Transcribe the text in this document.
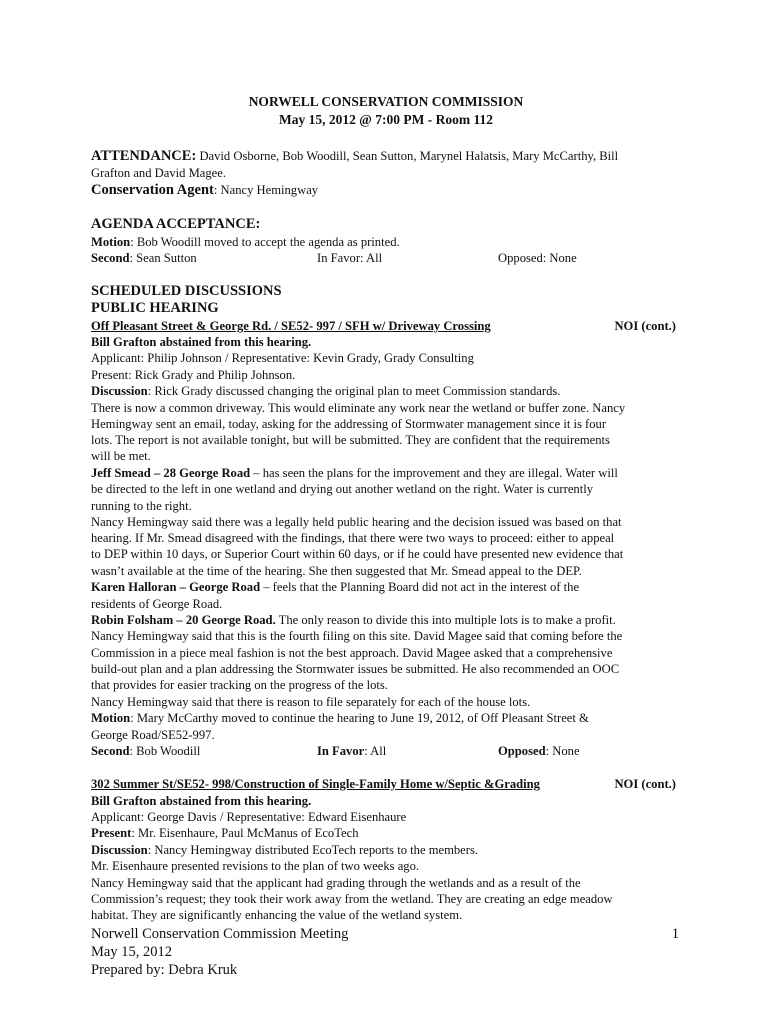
NORWELL CONSERVATION COMMISSION
May 15, 2012 @ 7:00 PM - Room 112
ATTENDANCE: David Osborne, Bob Woodill, Sean Sutton, Marynel Halatsis, Mary McCarthy, Bill
Grafton and David Magee.
Conservation Agent: Nancy Hemingway
AGENDA ACCEPTANCE:
Motion: Bob Woodill moved to accept the agenda as printed.
Second: Sean Sutton	In Favor: All	Opposed: None
SCHEDULED DISCUSSIONS
PUBLIC HEARING
Off Pleasant Street & George Rd. / SE52- 997 / SFH w/ Driveway Crossing	NOI (cont.)
Bill Grafton abstained from this hearing.
Applicant: Philip Johnson / Representative: Kevin Grady, Grady Consulting
Present: Rick Grady and Philip Johnson.
Discussion: Rick Grady discussed changing the original plan to meet Commission standards.
There is now a common driveway. This would eliminate any work near the wetland or buffer zone. Nancy
Hemingway sent an email, today, asking for the addressing of Stormwater management since it is four
lots. The report is not available tonight, but will be submitted. They are confident that the requirements
will be met.
Jeff Smead – 28 George Road – has seen the plans for the improvement and they are illegal. Water will
be directed to the left in one wetland and drying out another wetland on the right. Water is currently
running to the right.
Nancy Hemingway said there was a legally held public hearing and the decision issued was based on that
hearing. If Mr. Smead disagreed with the findings, that there were two ways to proceed: either to appeal
to DEP within 10 days, or Superior Court within 60 days, or if he could have presented new evidence that
wasn’t available at the time of the hearing. She then suggested that Mr. Smead appeal to the DEP.
Karen Halloran – George Road – feels that the Planning Board did not act in the interest of the
residents of George Road.
Robin Folsham – 20 George Road. The only reason to divide this into multiple lots is to make a profit.
Nancy Hemingway said that this is the fourth filing on this site. David Magee said that coming before the
Commission in a piece meal fashion is not the best approach. David Magee asked that a comprehensive
build-out plan and a plan addressing the Stormwater issues be submitted. He also recommended an OOC
that provides for easier tracking on the progress of the lots.
Nancy Hemingway said that there is reason to file separately for each of the house lots.
Motion: Mary McCarthy moved to continue the hearing to June 19, 2012, of Off Pleasant Street &
George Road/SE52-997.
Second: Bob Woodill	In Favor: All	Opposed: None
302 Summer St/SE52- 998/Construction of Single-Family Home w/Septic &Grading	NOI (cont.)
Bill Grafton abstained from this hearing.
Applicant: George Davis / Representative: Edward Eisenhaure
Present: Mr. Eisenhaure, Paul McManus of EcoTech
Discussion: Nancy Hemingway distributed EcoTech reports to the members.
Mr. Eisenhaure presented revisions to the plan of two weeks ago.
Nancy Hemingway said that the applicant had grading through the wetlands and as a result of the
Commission’s request; they took their work away from the wetland. They are creating an edge meadow
habitat. They are significantly enhancing the value of the wetland system.
Norwell Conservation Commission Meeting	1
May 15, 2012
Prepared by: Debra Kruk
